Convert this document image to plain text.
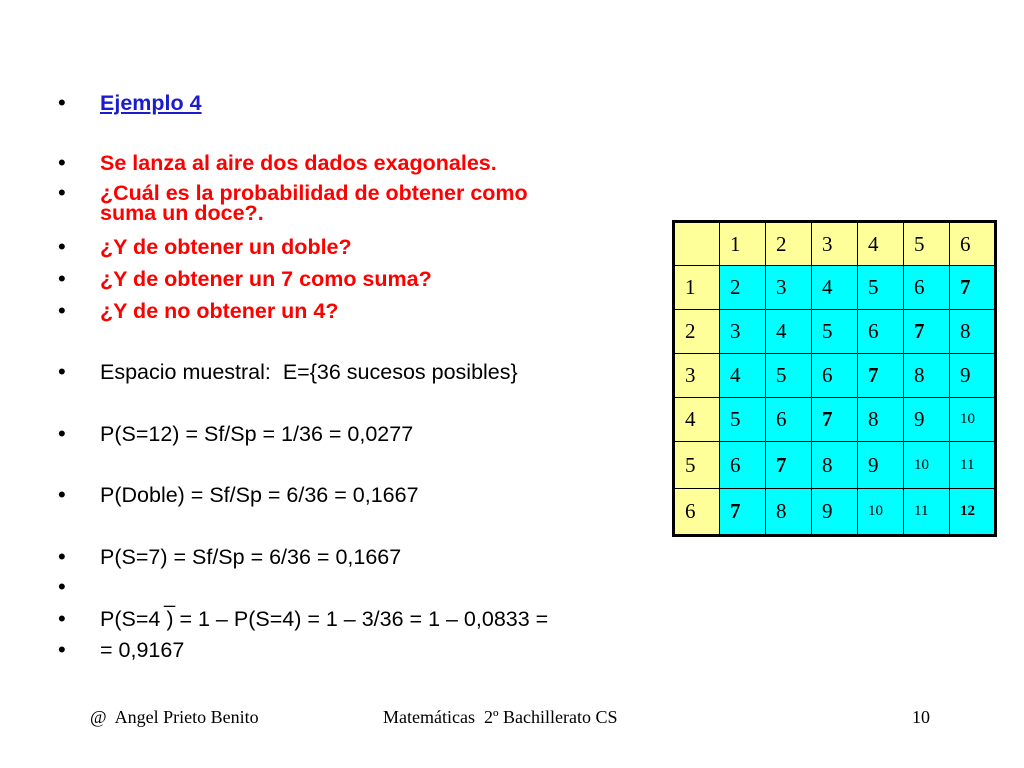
• Ejemplo 4
• Se lanza al aire dos dados exagonales.
• ¿Cuál es la probabilidad de obtener como
suma un doce?.
• ¿Y de obtener un doble?
• ¿Y de obtener un 7 como suma?
• ¿Y de no obtener un 4?
• Espacio muestral:  E={36 sucesos posibles}
• P(S=12) = Sf/Sp = 1/36 = 0,0277
• P(Doble) = Sf/Sp = 6/36 = 0,1667
• P(S=7) = Sf/Sp = 6/36 = 0,1667
•	_
• P(S=4 ) = 1 – P(S=4) = 1 – 3/36 = 1 – 0,0833 =
• = 0,9167
	1	2	3	4	5	6
1	2	3	4	5	6	7
2	3	4	5	6	7	8
3	4	5	6	7	8	9
4	5	6	7	8	9	10
5	6	7	8	9	10	11
6	7	8	9	10	11	12
@  Angel Prieto Benito	Matemáticas  2º Bachillerato CS	10
